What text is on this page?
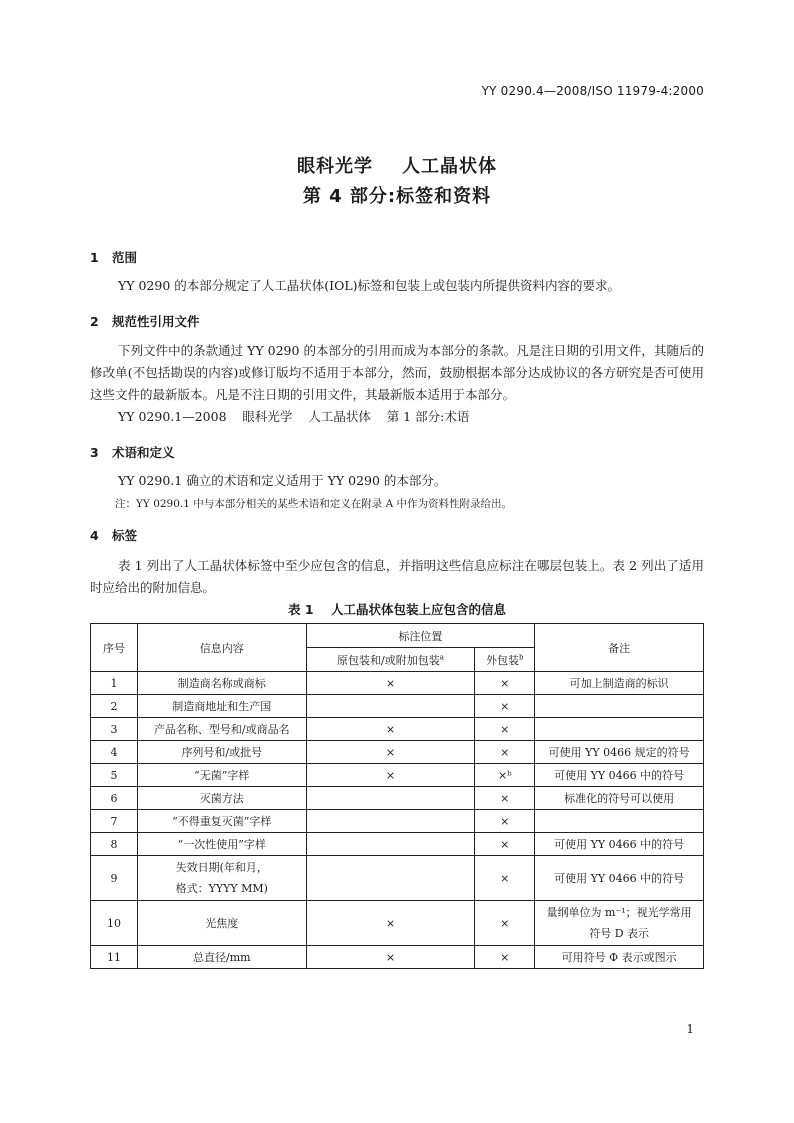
YY 0290.4—2008/ISO 11979-4:2000
眼科光学    人工晶状体
第 4 部分:标签和资料
1 范围
YY 0290 的本部分规定了人工晶状体(IOL)标签和包装上或包装内所提供资料内容的要求。
2 规范性引用文件
下列文件中的条款通过 YY 0290 的本部分的引用而成为本部分的条款。凡是注日期的引用文件，其随后的修改单(不包括勘误的内容)或修订版均不适用于本部分，然而，鼓励根据本部分达成协议的各方研究是否可使用这些文件的最新版本。凡是不注日期的引用文件，其最新版本适用于本部分。
YY 0290.1—2008    眼科光学    人工晶状体    第 1 部分:术语
3 术语和定义
YY 0290.1 确立的术语和定义适用于 YY 0290 的本部分。
注：YY 0290.1 中与本部分相关的某些术语和定义在附录 A 中作为资料性附录给出。
4 标签
表 1 列出了人工晶状体标签中至少应包含的信息，并指明这些信息应标注在哪层包装上。表 2 列出了适用时应给出的附加信息。
表 1    人工晶状体包装上应包含的信息
序号	信息内容	标注位置		备注
		原包装和/或附加包装$^a$	外包装$^b$
1	制造商名称或商标	×	×	可加上制造商的标识
2	制造商地址和生产国		×	
3	产品名称、型号和/或商品名	×	×	
4	序列号和/或批号	×	×	可使用 YY 0466 规定的符号
5	“无菌”字样	×	×ᵇ	可使用 YY 0466 中的符号
6	灭菌方法		×	标准化的符号可以使用
7	“不得重复灭菌”字样		×	
8	“一次性使用”字样		×	可使用 YY 0466 中的符号
9	失效日期(年和月，
格式：YYYY MM)		×	可使用 YY 0466 中的符号
10	光焦度	×	×	量纲单位为 m⁻¹；视光学常用
符号 D 表示

11	总直径/mm	×	×	可用符号 Φ 表示或图示
1
